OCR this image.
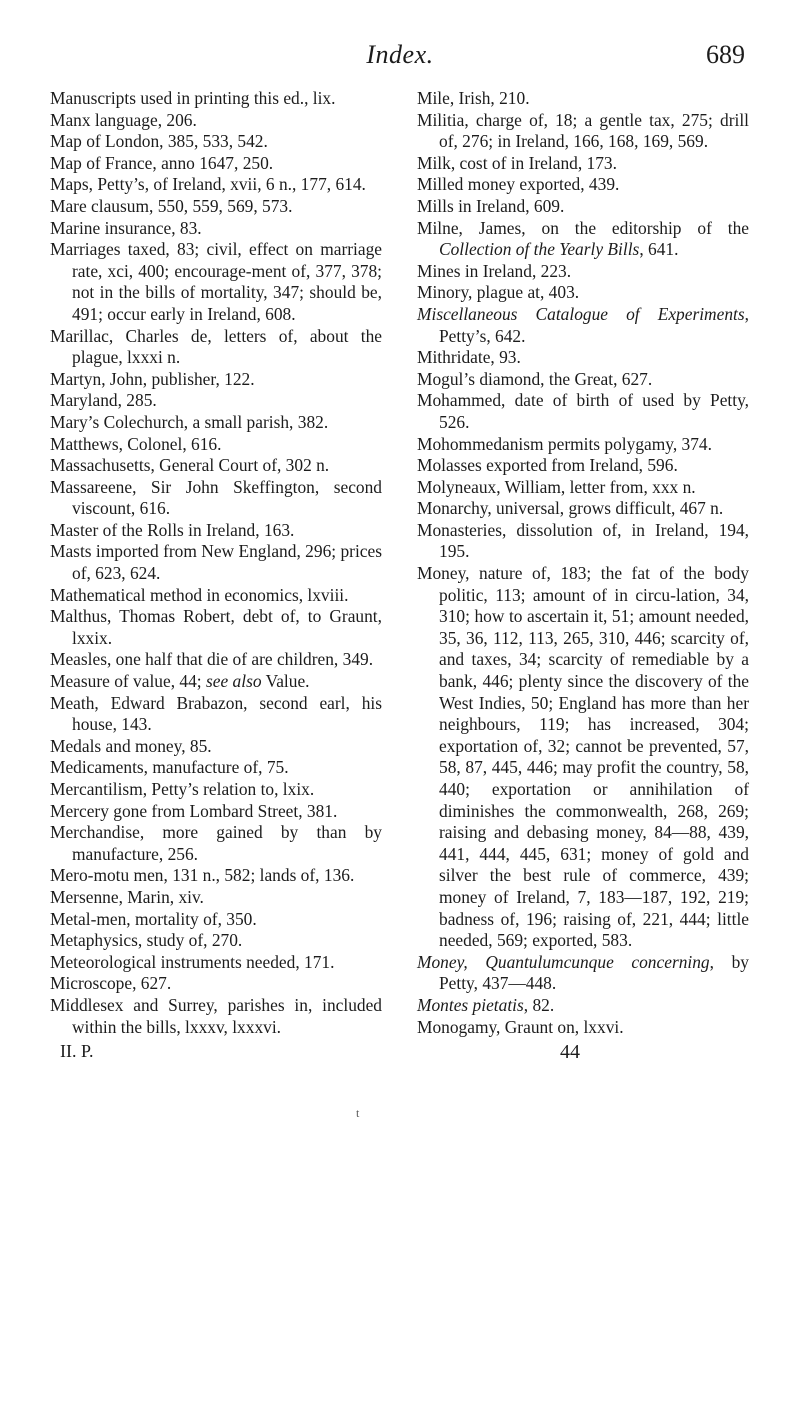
Index.	689

Manuscripts used in printing this ed., lix.

Manx language, 206.

Map of London, 385, 533, 542.

Map of France, anno 1647, 250.

Maps, Petty’s, of Ireland, xvii, 6 n., 177, 614.

Mare clausum, 550, 559, 569, 573.

Marine insurance, 83.

Marriages taxed, 83; civil, effect on marriage rate, xci, 400; encourage-ment of, 377, 378; not in the bills of mortality, 347; should be, 491; occur early in Ireland, 608.

Marillac, Charles de, letters of, about the plague, lxxxi n.

Martyn, John, publisher, 122.

Maryland, 285.

Mary’s Colechurch, a small parish, 382.

Matthews, Colonel, 616.

Massachusetts, General Court of, 302 n.

Massareene, Sir John Skeffington, second viscount, 616.

Master of the Rolls in Ireland, 163.

Masts imported from New England, 296; prices of, 623, 624.

Mathematical method in economics, lxviii.

Malthus, Thomas Robert, debt of, to Graunt, lxxix.

Measles, one half that die of are children, 349.

Measure of value, 44; see also Value.

Meath, Edward Brabazon, second earl, his house, 143.

Medals and money, 85.

Medicaments, manufacture of, 75.

Mercantilism, Petty’s relation to, lxix.

Mercery gone from Lombard Street, 381.

Merchandise, more gained by than by manufacture, 256.

Mero-motu men, 131 n., 582; lands of, 136.

Mersenne, Marin, xiv.

Metal-men, mortality of, 350.

Metaphysics, study of, 270.

Meteorological instruments needed, 171.

Microscope, 627.

Middlesex and Surrey, parishes in, included within the bills, lxxxv, lxxxvi.

Mile, Irish, 210.

Militia, charge of, 18; a gentle tax, 275; drill of, 276; in Ireland, 166, 168, 169, 569.

Milk, cost of in Ireland, 173.

Milled money exported, 439.

Mills in Ireland, 609.

Milne, James, on the editorship of the Collection of the Yearly Bills, 641.

Mines in Ireland, 223.

Minory, plague at, 403.

Miscellaneous Catalogue of Experiments, Petty’s, 642.

Mithridate, 93.

Mogul’s diamond, the Great, 627.

Mohammed, date of birth of used by Petty, 526.

Mohommedanism permits polygamy, 374.

Molasses exported from Ireland, 596.

Molyneaux, William, letter from, xxx n.

Monarchy, universal, grows difficult, 467 n.

Monasteries, dissolution of, in Ireland, 194, 195.

Money, nature of, 183; the fat of the body politic, 113; amount of in circu-lation, 34, 310; how to ascertain it, 51; amount needed, 35, 36, 112, 113, 265, 310, 446; scarcity of, and taxes, 34; scarcity of remediable by a bank, 446; plenty since the discovery of the West Indies, 50; England has more than her neighbours, 119; has increased, 304; exportation of, 32; cannot be prevented, 57, 58, 87, 445, 446; may profit the country, 58, 440; exportation or annihilation of diminishes the commonwealth, 268, 269; raising and debasing money, 84—88, 439, 441, 444, 445, 631; money of gold and silver the best rule of commerce, 439; money of Ireland, 7, 183—187, 192, 219; badness of, 196; raising of, 221, 444; little needed, 569; exported, 583.

Money, Quantulumcunque concerning, by Petty, 437—448.

Montes pietatis, 82.

Monogamy, Graunt on, lxxvi.

II. P.	44
t
